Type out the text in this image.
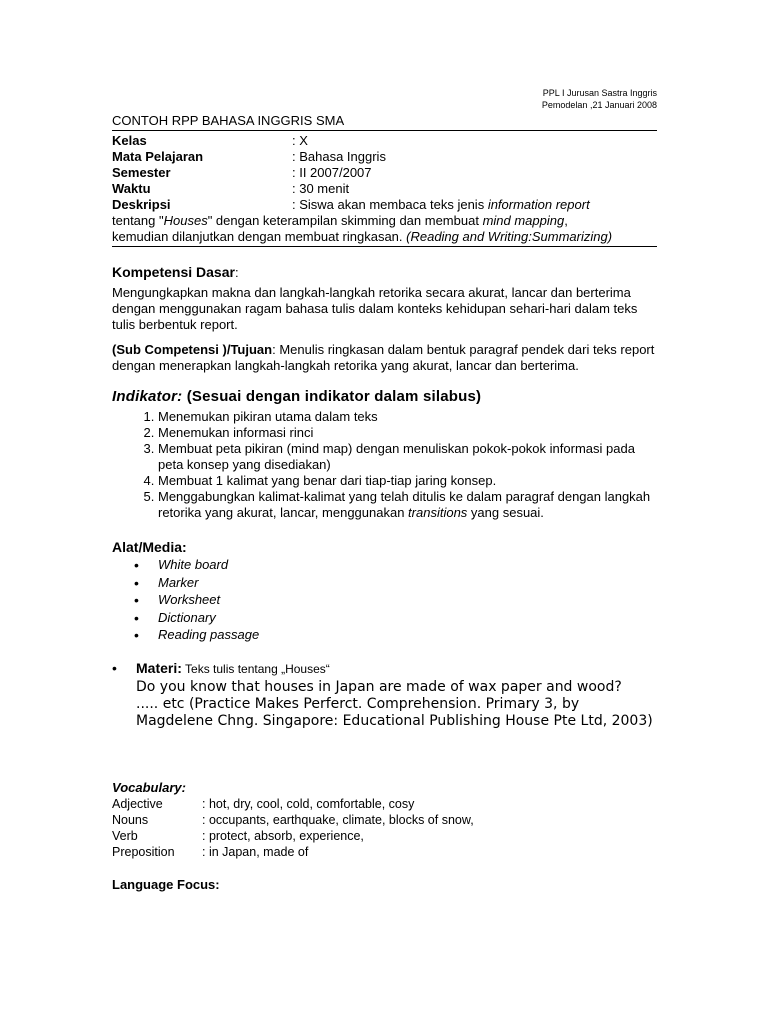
PPL I Jurusan Sastra Inggris
Pemodelan ,21 Januari 2008
CONTOH RPP BAHASA INGGRIS SMA
Kelas	: X
Mata Pelajaran	: Bahasa Inggris
Semester	: II 2007/2007
Waktu	: 30 menit
Deskripsi	: Siswa akan membaca teks jenis information report
tentang "Houses" dengan keterampilan skimming dan membuat mind mapping,
kemudian dilanjutkan dengan membuat ringkasan. (Reading and Writing:Summarizing)
Kompetensi Dasar:
Mengungkapkan makna dan langkah-langkah retorika secara akurat, lancar dan berterima dengan menggunakan ragam bahasa tulis dalam konteks kehidupan sehari-hari dalam teks tulis berbentuk report.
(Sub Competensi )/Tujuan: Menulis ringkasan dalam bentuk paragraf pendek dari teks report dengan menerapkan langkah-langkah retorika yang akurat, lancar dan berterima.
Indikator: (Sesuai dengan indikator dalam silabus)
1. Menemukan pikiran utama dalam teks
2. Menemukan informasi rinci
3. Membuat peta pikiran (mind map) dengan menuliskan pokok-pokok informasi pada peta konsep yang disediakan)
4. Membuat 1 kalimat yang benar dari tiap-tiap jaring konsep.
5. Menggabungkan kalimat-kalimat yang telah ditulis ke dalam paragraf dengan langkah retorika yang akurat, lancar, menggunakan transitions yang sesuai.
Alat/Media:
• White board
• Marker
• Worksheet
• Dictionary
• Reading passage
• Materi: Teks tulis tentang „Houses“
Do you know that houses in Japan are made of wax paper and wood?
..... etc (Practice Makes Perferct. Comprehension. Primary 3, by Magdelene Chng. Singapore: Educational Publishing House Pte Ltd, 2003)
Vocabulary:
Adjective	: hot, dry, cool, cold, comfortable, cosy
Nouns	: occupants, earthquake, climate, blocks of snow,
Verb	: protect, absorb, experience,
Preposition	: in Japan, made of
Language Focus:
